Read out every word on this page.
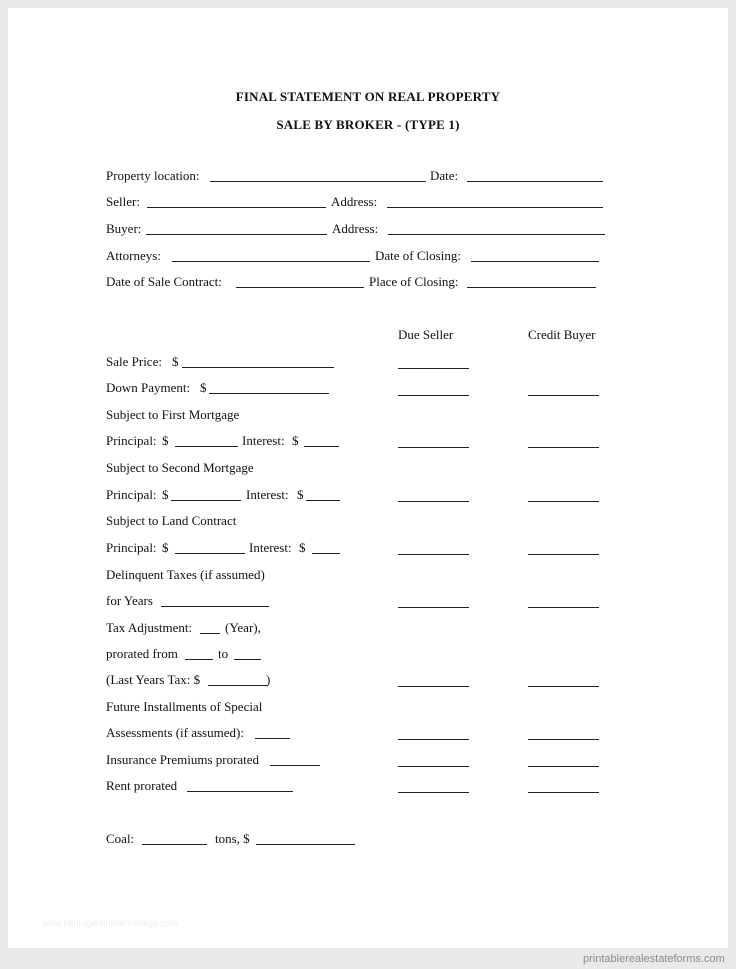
FINAL STATEMENT ON REAL PROPERTY
SALE BY BROKER - (TYPE 1)
Property location:	Date:
Seller:	Address:
Buyer:	Address:
Attorneys:	Date of Closing:
Date of Sale Contract:	Place of Closing:
Due Seller	Credit Buyer
Sale Price: $
Down Payment: $
Subject to First Mortgage
Principal: $	Interest: $
Subject to Second Mortgage
Principal: $	Interest: $
Subject to Land Contract
Principal: $	Interest: $
Delinquent Taxes (if assumed)
for Years
Tax Adjustment:	(Year),
prorated from	to
(Last Years Tax: $	)
Future Installments of Special
Assessments (if assumed):
Insurance Premiums prorated
Rent prorated
Coal:	tons, $
www.heritagechristiancollege.com
printablerealestateforms.com
